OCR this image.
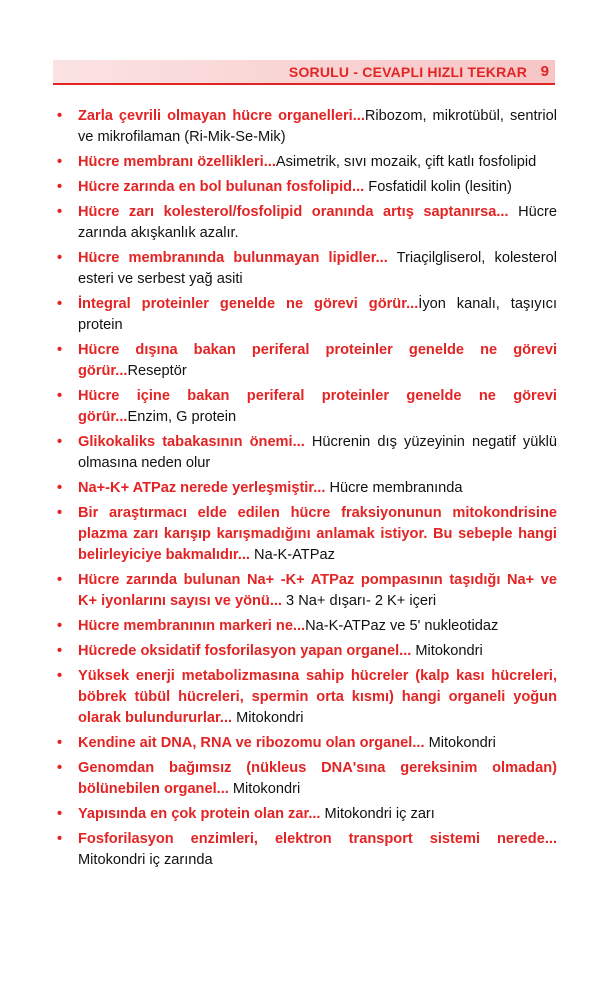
SORULU - CEVAPLI HIZLI TEKRAR 9
• Zarla çevrili olmayan hücre organelleri...Ribozom, mikrotübül, sentriol ve mikrofilaman (Ri-Mik-Se-Mik)
• Hücre membranı özellikleri...Asimetrik, sıvı mozaik, çift katlı fosfolipid
• Hücre zarında en bol bulunan fosfolipid... Fosfatidil kolin (lesitin)
• Hücre zarı kolesterol/fosfolipid oranında artış saptanırsa... Hücre zarında akışkanlık azalır.
• Hücre membranında bulunmayan lipidler... Triaçilgliserol, kolesterol esteri ve serbest yağ asiti
• İntegral proteinler genelde ne görevi görür...İyon kanalı, taşıyıcı protein
• Hücre dışına bakan periferal proteinler genelde ne görevi görür...Reseptör
• Hücre içine bakan periferal proteinler genelde ne görevi görür...Enzim, G protein
• Glikokaliks tabakasının önemi... Hücrenin dış yüzeyinin negatif yüklü olmasına neden olur
• Na+-K+ ATPaz nerede yerleşmiştir... Hücre membranında
• Bir araştırmacı elde edilen hücre fraksiyonunun mitokondrisine plazma zarı karışıp karışmadığını anlamak istiyor. Bu sebeple hangi belirleyiciye bakmalıdır... Na-K-ATPaz
• Hücre zarında bulunan Na+ -K+ ATPaz pompasının taşıdığı Na+ ve K+ iyonlarını sayısı ve yönü... 3 Na+ dışarı- 2 K+ içeri
• Hücre membranının markeri ne...Na-K-ATPaz ve 5' nukleotidaz
• Hücrede oksidatif fosforilasyon yapan organel... Mitokondri
• Yüksek enerji metabolizmasına sahip hücreler (kalp kası hücreleri, böbrek tübül hücreleri, spermin orta kısmı) hangi organeli yoğun olarak bulundururlar... Mitokondri
• Kendine ait DNA, RNA ve ribozomu olan organel... Mitokondri
• Genomdan bağımsız (nükleus DNA'sına gereksinim olmadan) bölünebilen organel... Mitokondri
• Yapısında en çok protein olan zar... Mitokondri iç zarı
• Fosforilasyon enzimleri, elektron transport sistemi nerede... Mitokondri iç zarında
